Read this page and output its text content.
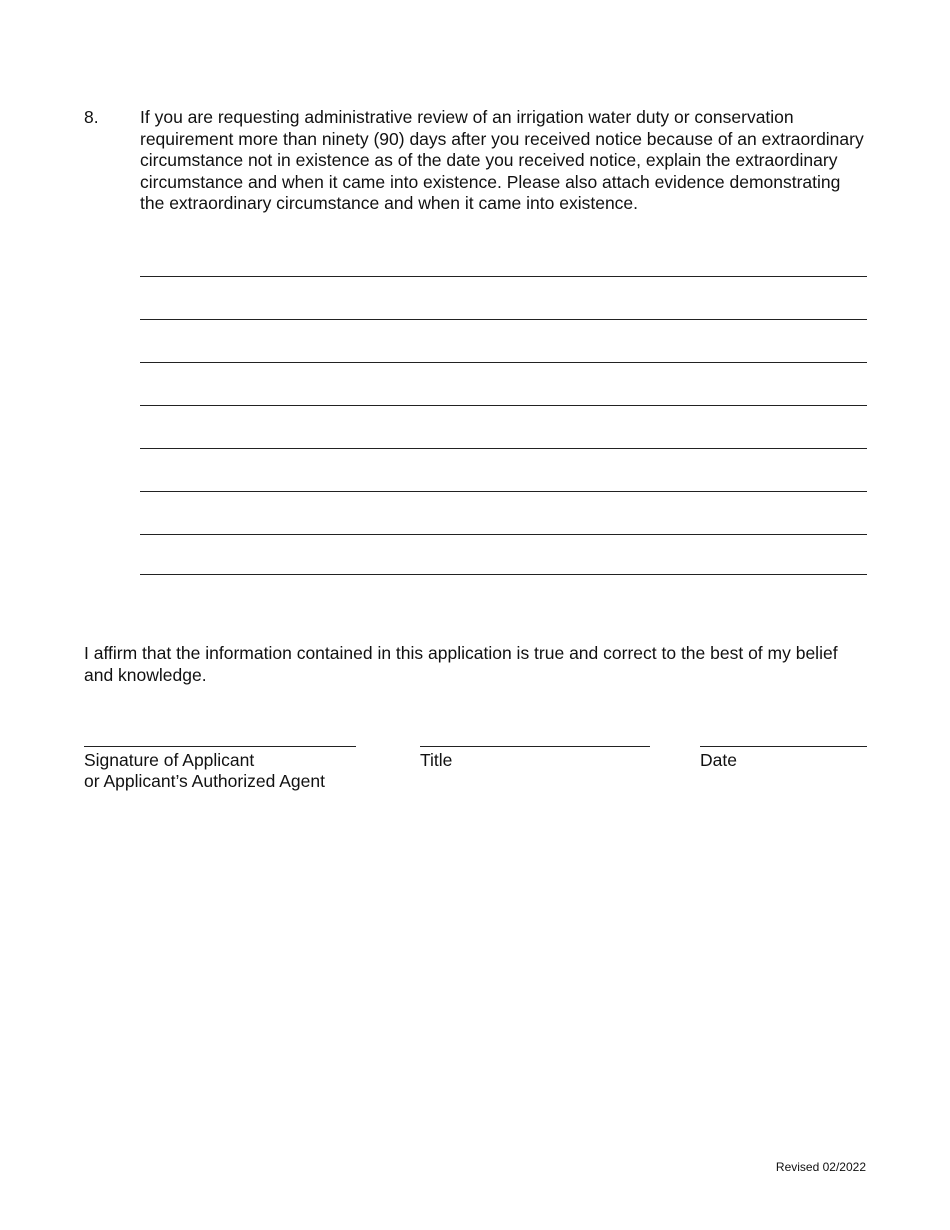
8. If you are requesting administrative review of an irrigation water duty or conservation requirement more than ninety (90) days after you received notice because of an extraordinary circumstance not in existence as of the date you received notice, explain the extraordinary circumstance and when it came into existence. Please also attach evidence demonstrating the extraordinary circumstance and when it came into existence.
I affirm that the information contained in this application is true and correct to the best of my belief and knowledge.
Signature of Applicant
or Applicant’s Authorized Agent
Title	Date
Revised 02/2022
